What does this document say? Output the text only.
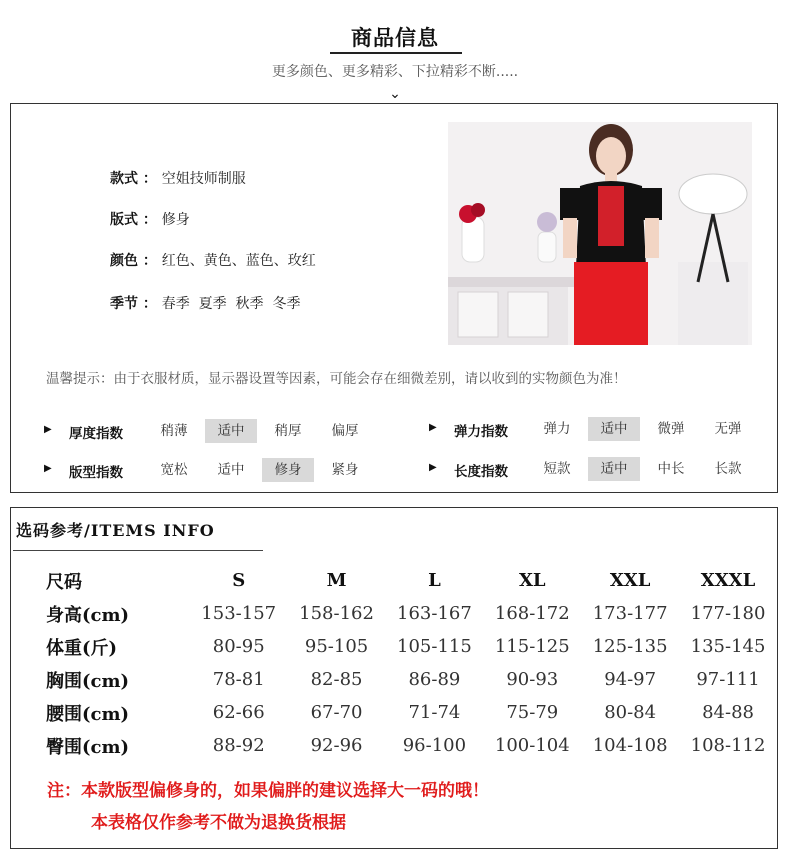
商品信息
更多颜色、更多精彩、下拉精彩不断.....
⌄
款式 ： 空姐技师制服
版式 ： 修身
颜色 ： 红色、黄色、蓝色、玫红
季节 ： 春季  夏季  秋季  冬季
温馨提示：由于衣服材质，显示器设置等因素，可能会存在细微差别，请以收到的实物颜色为准！
▶ 厚度指数	稍薄	适中	稍厚	偏厚	▶ 弹力指数	弹力	适中	微弹	无弹
▶ 版型指数	宽松	适中	修身	紧身	▶ 长度指数	短款	适中	中长	长款
选码参考/ITEMS INFO
尺码	S	M	L	XL	XXL	XXXL
身高(cm)	153-157	158-162	163-167	168-172	173-177	177-180
体重(斤)	80-95	95-105	105-115	115-125	125-135	135-145
胸围(cm)	78-81	82-85	86-89	90-93	94-97	97-111
腰围(cm)	62-66	67-70	71-74	75-79	80-84	84-88
臀围(cm)	88-92	92-96	96-100	100-104	104-108	108-112
注：本款版型偏修身的，如果偏胖的建议选择大一码的哦！
本表格仅作参考不做为退换货根据
